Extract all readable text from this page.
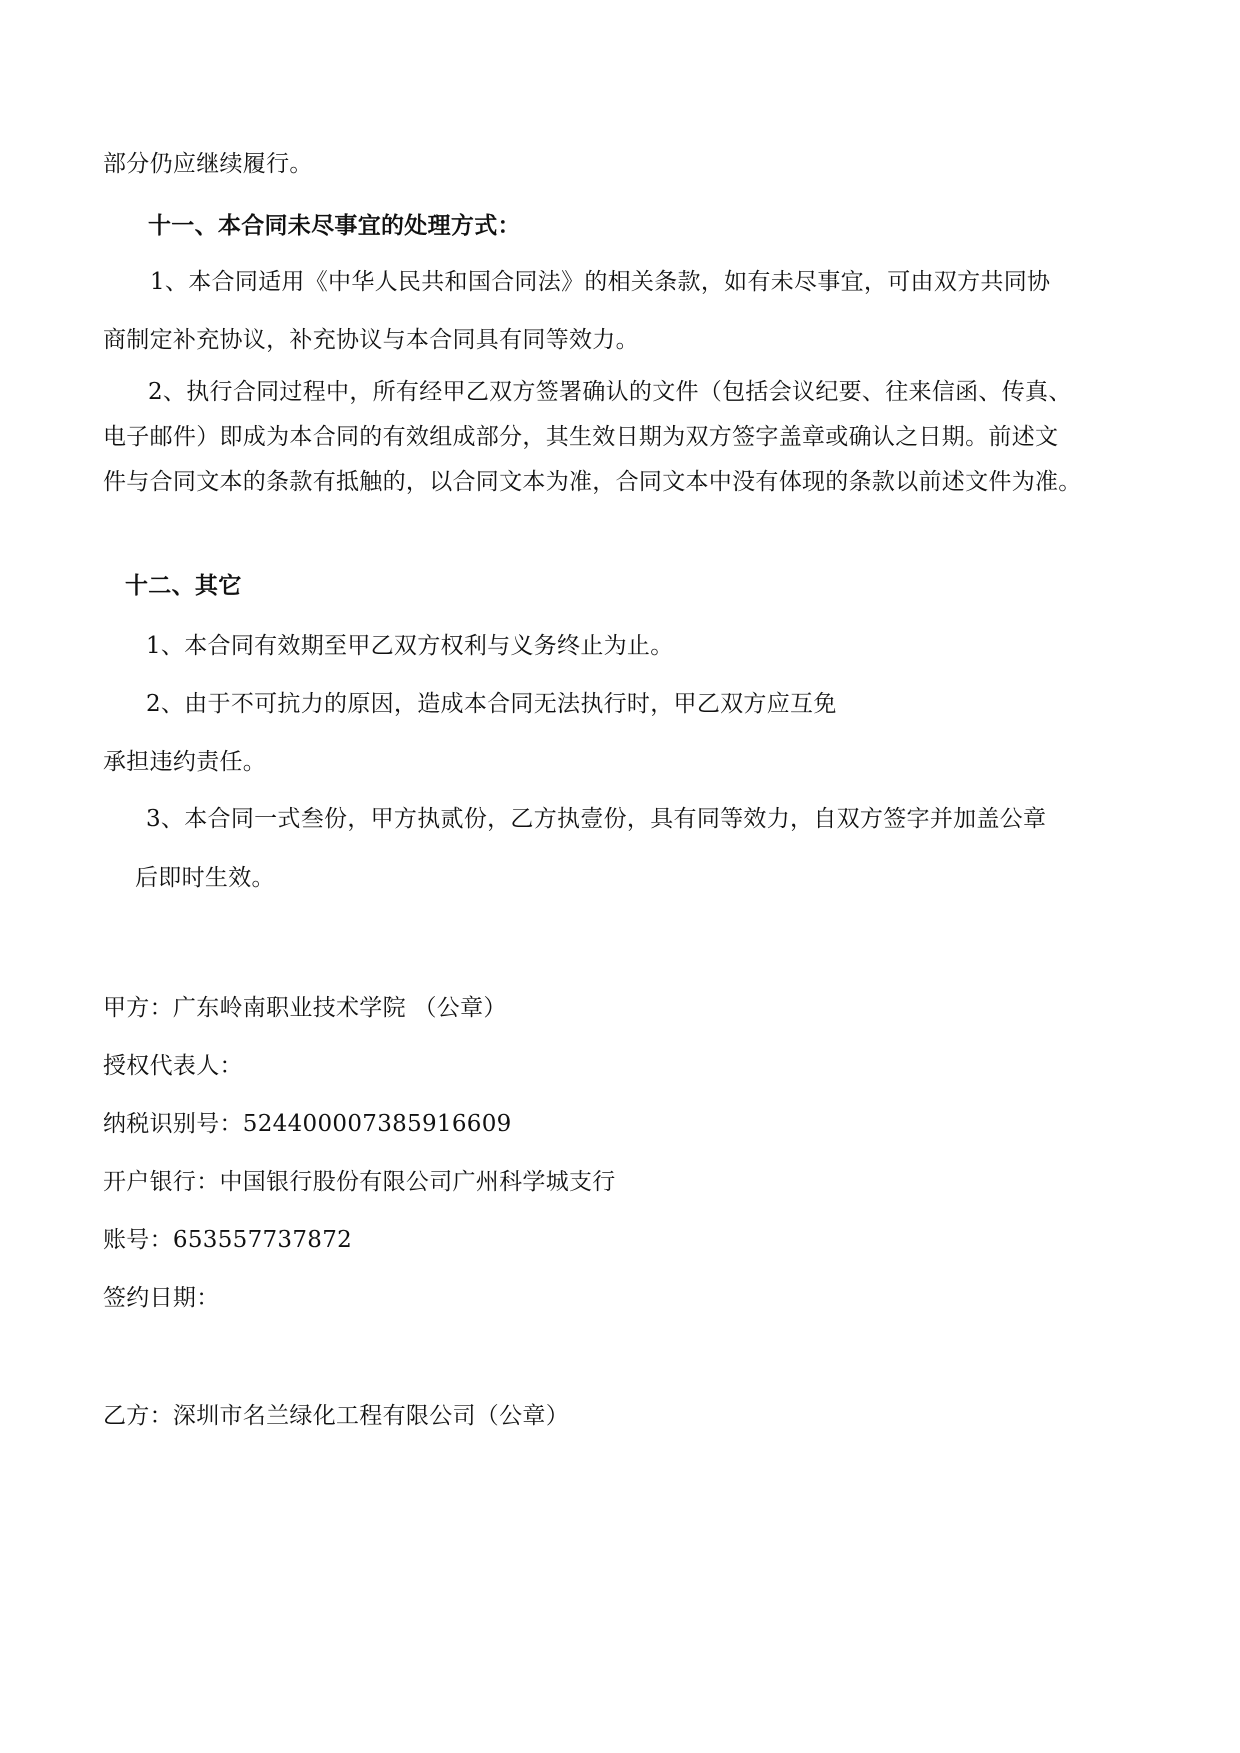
部分仍应继续履行。
十一、本合同未尽事宜的处理方式：
1、本合同适用《中华人民共和国合同法》的相关条款，如有未尽事宜，可由双方共同协
商制定补充协议，补充协议与本合同具有同等效力。
2、执行合同过程中，所有经甲乙双方签署确认的文件（包括会议纪要、往来信函、传真、
电子邮件）即成为本合同的有效组成部分，其生效日期为双方签字盖章或确认之日期。前述文
件与合同文本的条款有抵触的，以合同文本为准，合同文本中没有体现的条款以前述文件为准。
十二、其它
1、本合同有效期至甲乙双方权利与义务终止为止。
2、由于不可抗力的原因，造成本合同无法执行时，甲乙双方应互免
承担违约责任。
3、本合同一式叁份，甲方执贰份，乙方执壹份，具有同等效力，自双方签字并加盖公章
后即时生效。
甲方：广东岭南职业技术学院 （公章）
授权代表人：
纳税识别号：524400007385916609
开户银行：中国银行股份有限公司广州科学城支行
账号：653557737872
签约日期：
乙方：深圳市名兰绿化工程有限公司（公章）
